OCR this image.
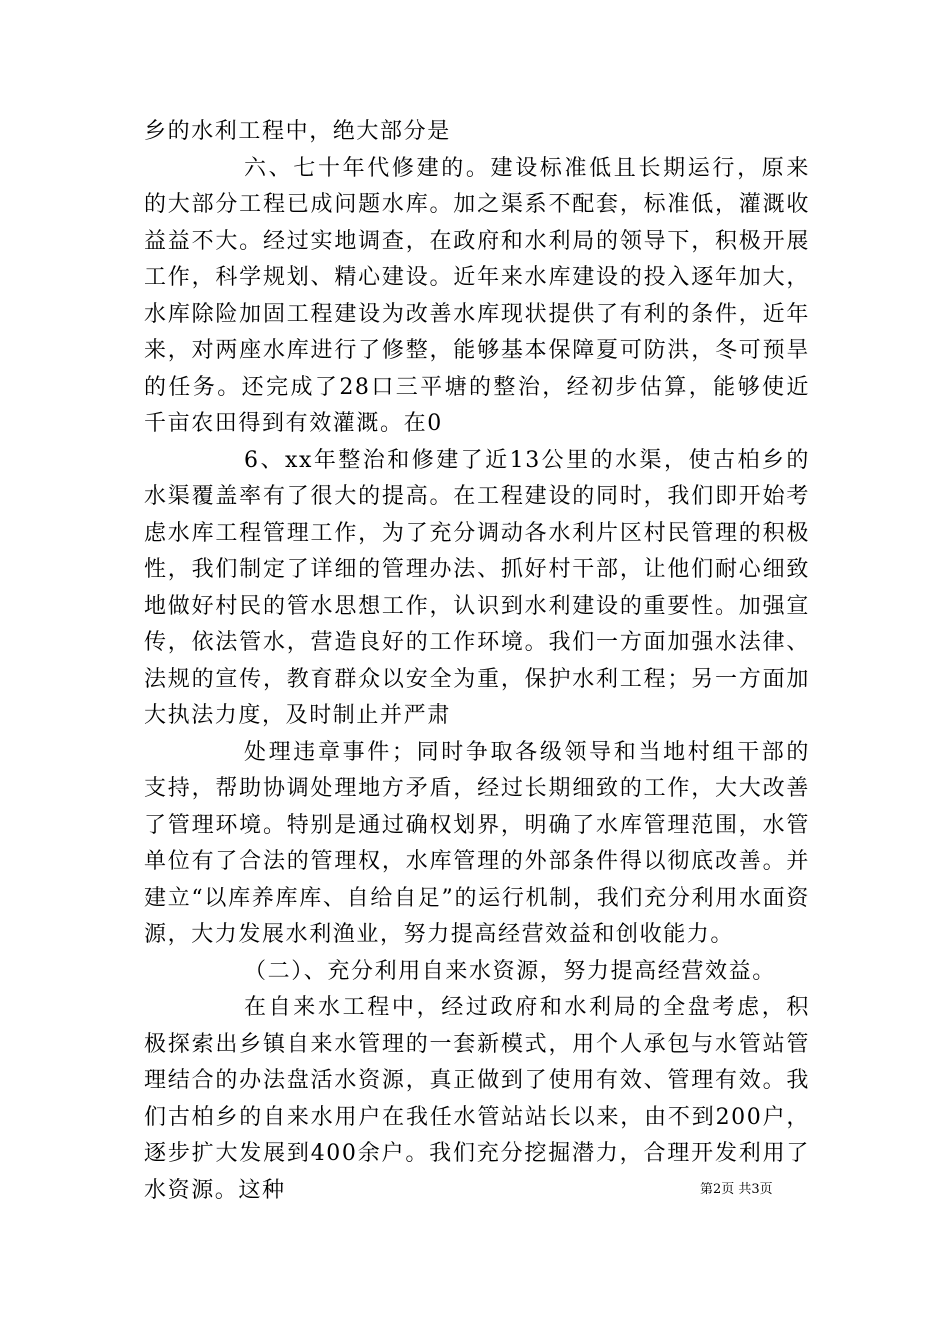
乡的水利工程中，绝大部分是

六、七十年代修建的。建设标准低且长期运行，原来的大部分工程已成问题水库。加之渠系不配套，标准低，灌溉收益益不大。经过实地调查，在政府和水利局的领导下，积极开展工作，科学规划、精心建设。近年来水库建设的投入逐年加大，水库除险加固工程建设为改善水库现状提供了有利的条件，近年来，对两座水库进行了修整，能够基本保障夏可防洪，冬可预旱的任务。还完成了28口三平塘的整治，经初步估算，能够使近千亩农田得到有效灌溉。在0

6、xx年整治和修建了近13公里的水渠，使古柏乡的水渠覆盖率有了很大的提高。在工程建设的同时，我们即开始考虑水库工程管理工作，为了充分调动各水利片区村民管理的积极性，我们制定了详细的管理办法、抓好村干部，让他们耐心细致地做好村民的管水思想工作，认识到水利建设的重要性。加强宣传，依法管水，营造良好的工作环境。我们一方面加强水法律、法规的宣传，教育群众以安全为重，保护水利工程；另一方面加大执法力度，及时制止并严肃

处理违章事件；同时争取各级领导和当地村组干部的支持，帮助协调处理地方矛盾，经过长期细致的工作，大大改善了管理环境。特别是通过确权划界，明确了水库管理范围，水管单位有了合法的管理权，水库管理的外部条件得以彻底改善。并建立“以库养库库、自给自足”的运行机制，我们充分利用水面资源，大力发展水利渔业，努力提高经营效益和创收能力。

（二）、充分利用自来水资源，努力提高经营效益。

在自来水工程中，经过政府和水利局的全盘考虑，积极探索出乡镇自来水管理的一套新模式，用个人承包与水管站管理结合的办法盘活水资源，真正做到了使用有效、管理有效。我们古柏乡的自来水用户在我任水管站站长以来，由不到200户，逐步扩大发展到400余户。我们充分挖掘潜力，合理开发利用了水资源。这种	第2页 共3页
